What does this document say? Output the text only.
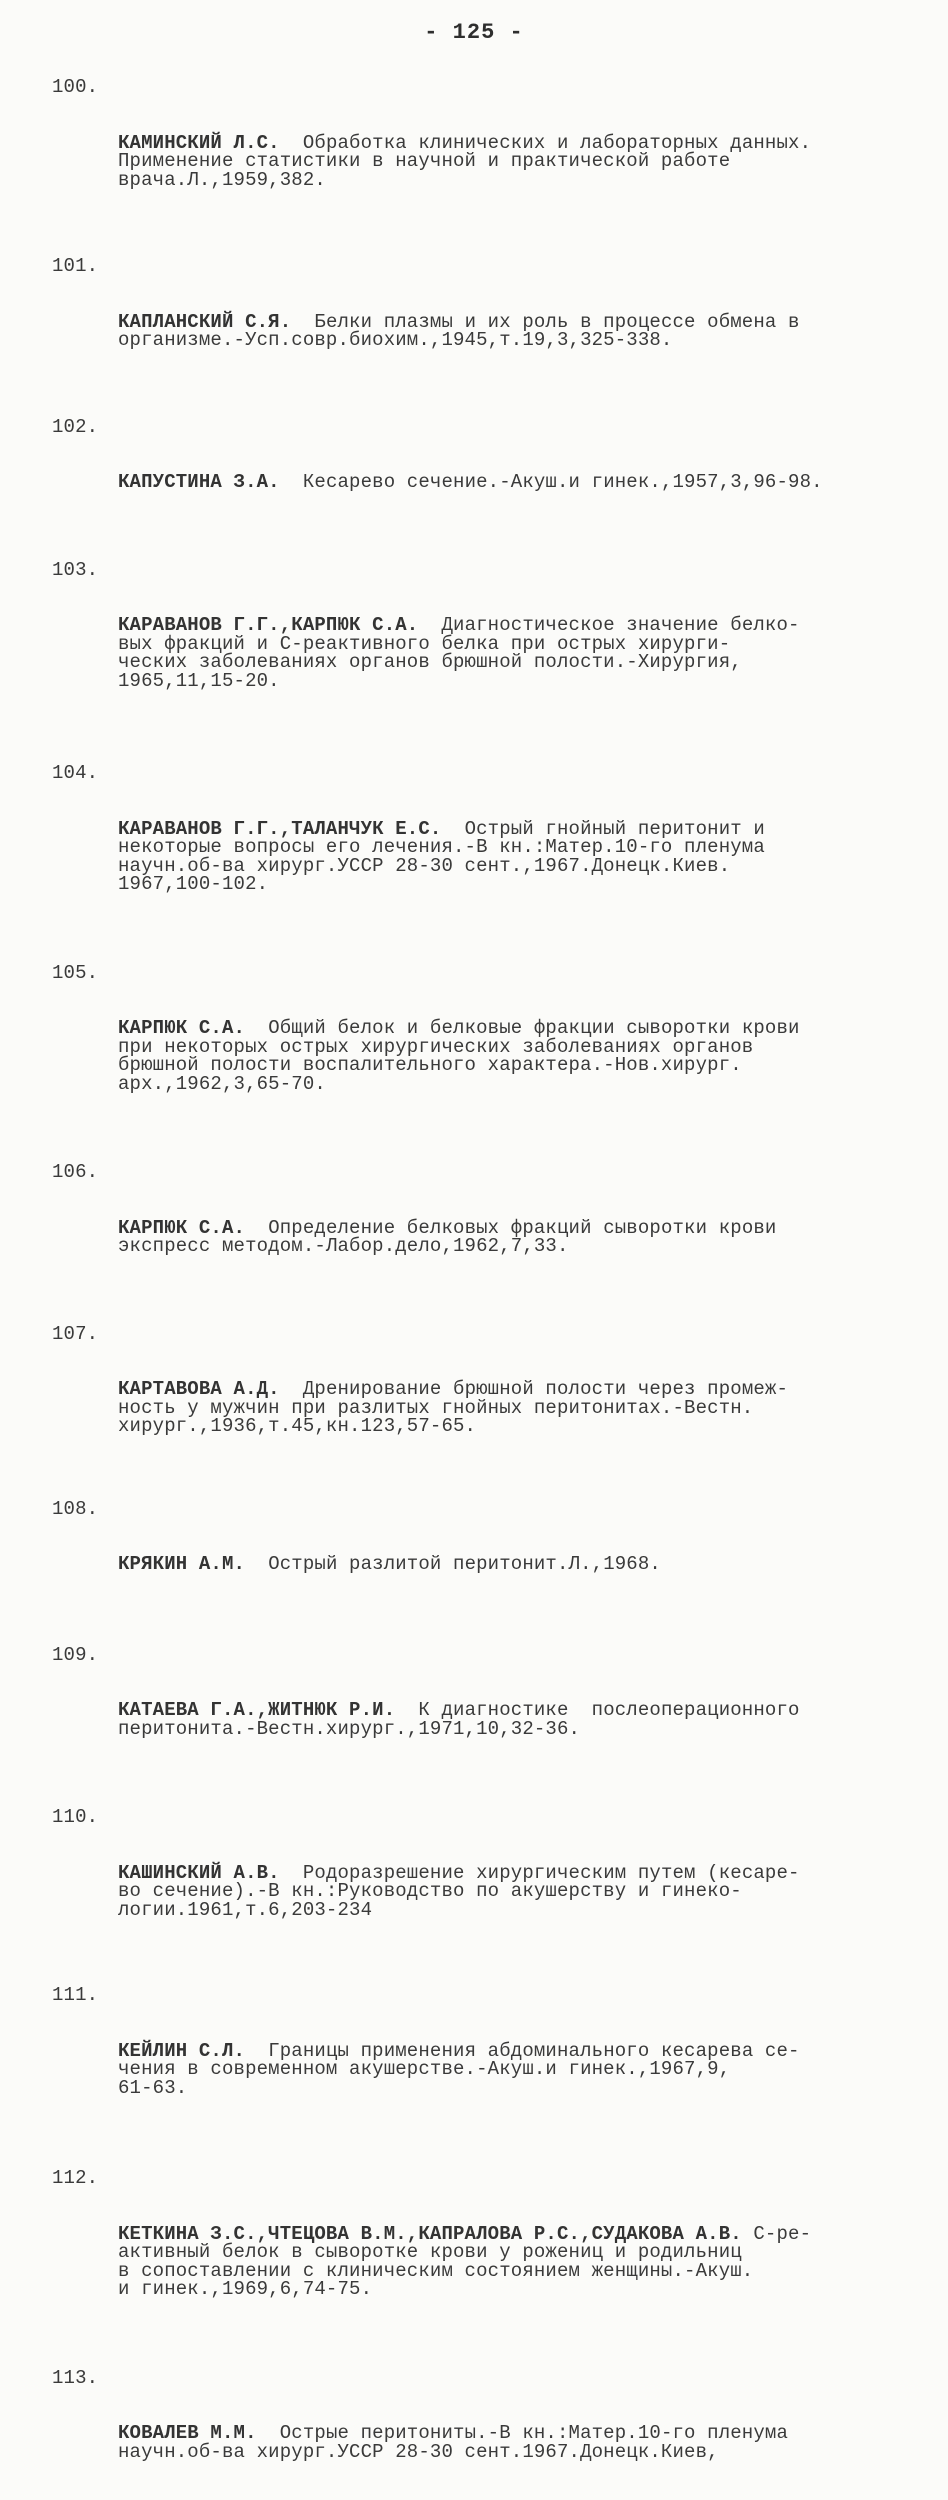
- 125 -

100.

КАМИНСКИЙ Л.С. Обработка клинических и лабораторных данных.
Применение статистики в научной и практической работе
врача.Л.,1959,382.

101.

КАПЛАНСКИЙ С.Я. Белки плазмы и их роль в процессе обмена в
организме.-Усп.совр.биохим.,1945,т.19,3,325-338.

102.

КАПУСТИНА З.А. Кесарево сечение.-Акуш.и гинек.,1957,3,96-98.

103.

КАРАВАНОВ Г.Г.,КАРПЮК С.А. Диагностическое значение белко-
вых фракций и С-реактивного белка при острых хирурги-
ческих заболеваниях органов брюшной полости.-Хирургия,
1965,11,15-20.

104.

КАРАВАНОВ Г.Г.,ТАЛАНЧУК Е.С. Острый гнойный перитонит и
некоторые вопросы его лечения.-В кн.:Матер.10-го пленума
научн.об-ва хирург.УССР 28-30 сент.,1967.Донецк.Киев.
1967,100-102.

105.

КАРПЮК С.А. Общий белок и белковые фракции сыворотки крови
при некоторых острых хирургических заболеваниях органов
брюшной полости воспалительного характера.-Нов.хирург.
арх.,1962,3,65-70.

106.

КАРПЮК С.А. Определение белковых фракций сыворотки крови
экспресс методом.-Лабор.дело,1962,7,33.

107.

КАРТАВОВА А.Д. Дренирование брюшной полости через промеж-
ность у мужчин при разлитых гнойных перитонитах.-Вестн.
хирург.,1936,т.45,кн.123,57-65.

108.

КРЯКИН А.М. Острый разлитой перитонит.Л.,1968.

109.

КАТАЕВА Г.А.,ЖИТНЮК Р.И. К диагностике  послеоперационного
перитонита.-Вестн.хирург.,1971,10,32-36.

110.

КАШИНСКИЙ А.В. Родоразрешение хирургическим путем (кесаре-
во сечение).-В кн.:Руководство по акушерству и гинеко-
логии.1961,т.6,203-234

111.

КЕЙЛИН С.Л. Границы применения абдоминального кесарева се-
чения в современном акушерстве.-Акуш.и гинек.,1967,9,
61-63.

112.

КЕТКИНА З.С.,ЧТЕЦОВА В.М.,КАПРАЛОВА Р.С.,СУДАКОВА А.В. С-ре-
активный белок в сыворотке крови у рожениц и родильниц
в сопоставлении с клиническим состоянием женщины.-Акуш.
и гинек.,1969,6,74-75.

113.

КОВАЛЕВ М.М. Острые перитониты.-В кн.:Матер.10-го пленума
научн.об-ва хирург.УССР 28-30 сент.1967.Донецк.Киев,
